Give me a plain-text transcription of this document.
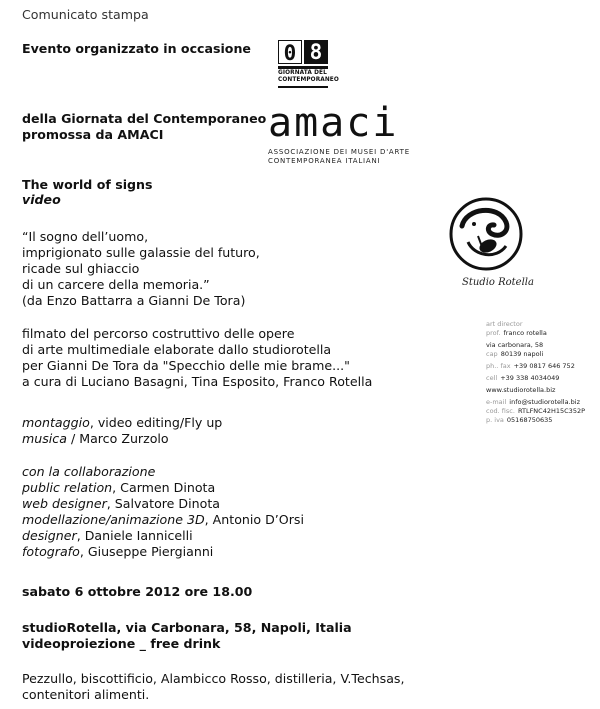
Comunicato stampa
Evento organizzato in occasione
della Giornata del Contemporaneo
promossa da AMACI
The world of signs
video
“Il sogno dell’uomo,
imprigionato sulle galassie del futuro,
ricade sul ghiaccio
di un carcere della memoria.”
(da Enzo Battarra a Gianni De Tora)
filmato del percorso costruttivo delle opere
di arte multimediale elaborate dallo studiorotella
per Gianni De Tora da "Specchio delle mie brame..."
a cura di Luciano Basagni, Tina Esposito, Franco Rotella
montaggio, video editing/Fly up
musica / Marco Zurzolo
con la collaborazione
public relation, Carmen Dinota
web designer, Salvatore Dinota
modellazione/animazione 3D, Antonio D’Orsi
designer, Daniele Iannicelli
fotografo, Giuseppe Piergianni
sabato 6 ottobre 2012 ore 18.00
studioRotella, via Carbonara, 58, Napoli, Italia
videoproiezione _ free drink
Pezzullo, biscottificio, Alambicco Rosso, distilleria, V.Techsas,
contenitori alimenti.
0 8
GIORNATA DEL
CONTEMPORANEO
amaci
ASSOCIAZIONE DEI MUSEI D'ARTE
CONTEMPORANEA ITALIANI
Studio Rotella
art director
prof. franco rotella
via carbonara, 58
cap 80139 napoli
ph.. fax +39 0817 646 752
cell +39 338 4034049
www.studiorotella.biz
e-mail info@studiorotella.biz
cod. fisc. RTLFNC42H15C352P
p. iva 05168750635
